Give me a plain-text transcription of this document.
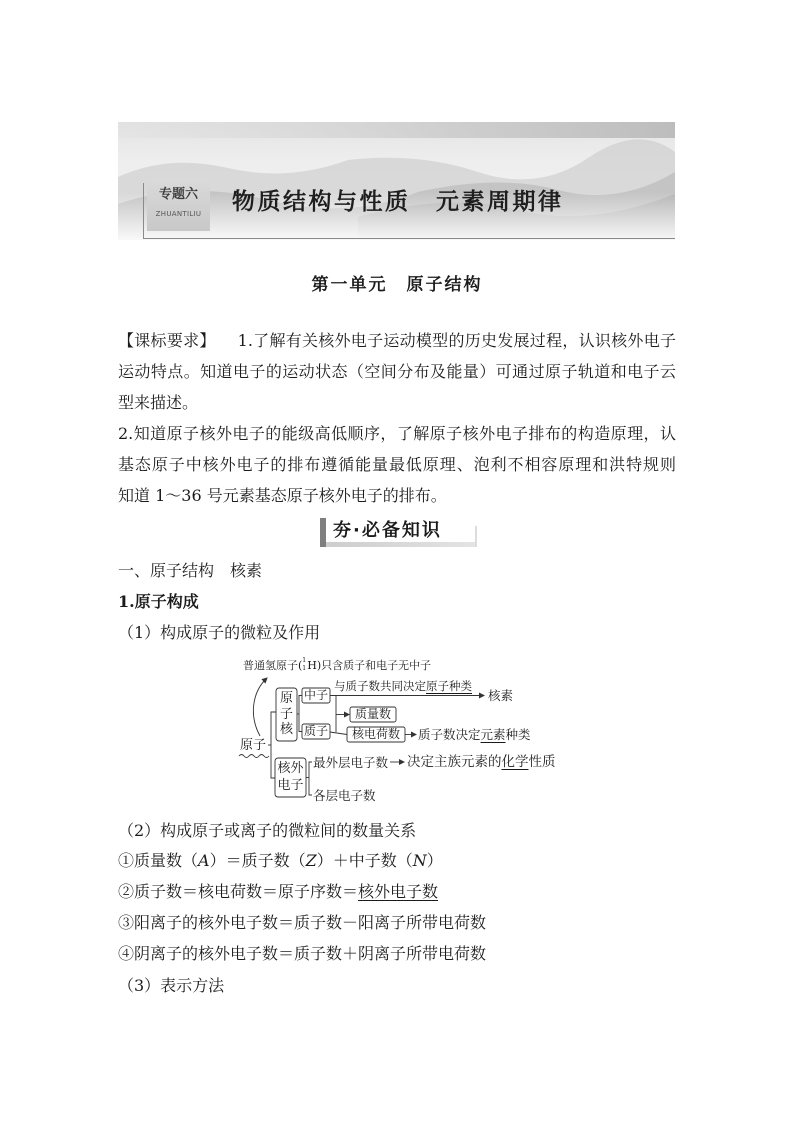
专题六
ZHUANTILIU	物质结构与性质　元素周期律
第一单元　原子结构
【课标要求】 1.了解有关核外电子运动模型的历史发展过程，认识核外电子
运动特点。知道电子的运动状态（空间分布及能量）可通过原子轨道和电子云
型来描述。
2.知道原子核外电子的能级高低顺序，了解原子核外电子排布的构造原理，认
基态原子中核外电子的排布遵循能量最低原理、泡利不相容原理和洪特规则
知道 1～36 号元素基态原子核外电子的排布。
夯·必备知识
一、原子结构　核素
1.原子构成
（1）构成原子的微粒及作用
普通氢原子( 1
1 H)只含质子和电子无中子
原子
原
子
核
中子
质子
与质子数共同决定原子种类
核素
质量数
核电荷数	质子数决定元素种类
核外
电子
最外层电子数 决定主族元素的化学性质
各层电子数
（2）构成原子或离子的微粒间的数量关系
①质量数（A）＝质子数（Z）＋中子数（N）
②质子数＝核电荷数＝原子序数＝核外电子数
③阳离子的核外电子数＝质子数－阳离子所带电荷数
④阴离子的核外电子数＝质子数＋阴离子所带电荷数
（3）表示方法
